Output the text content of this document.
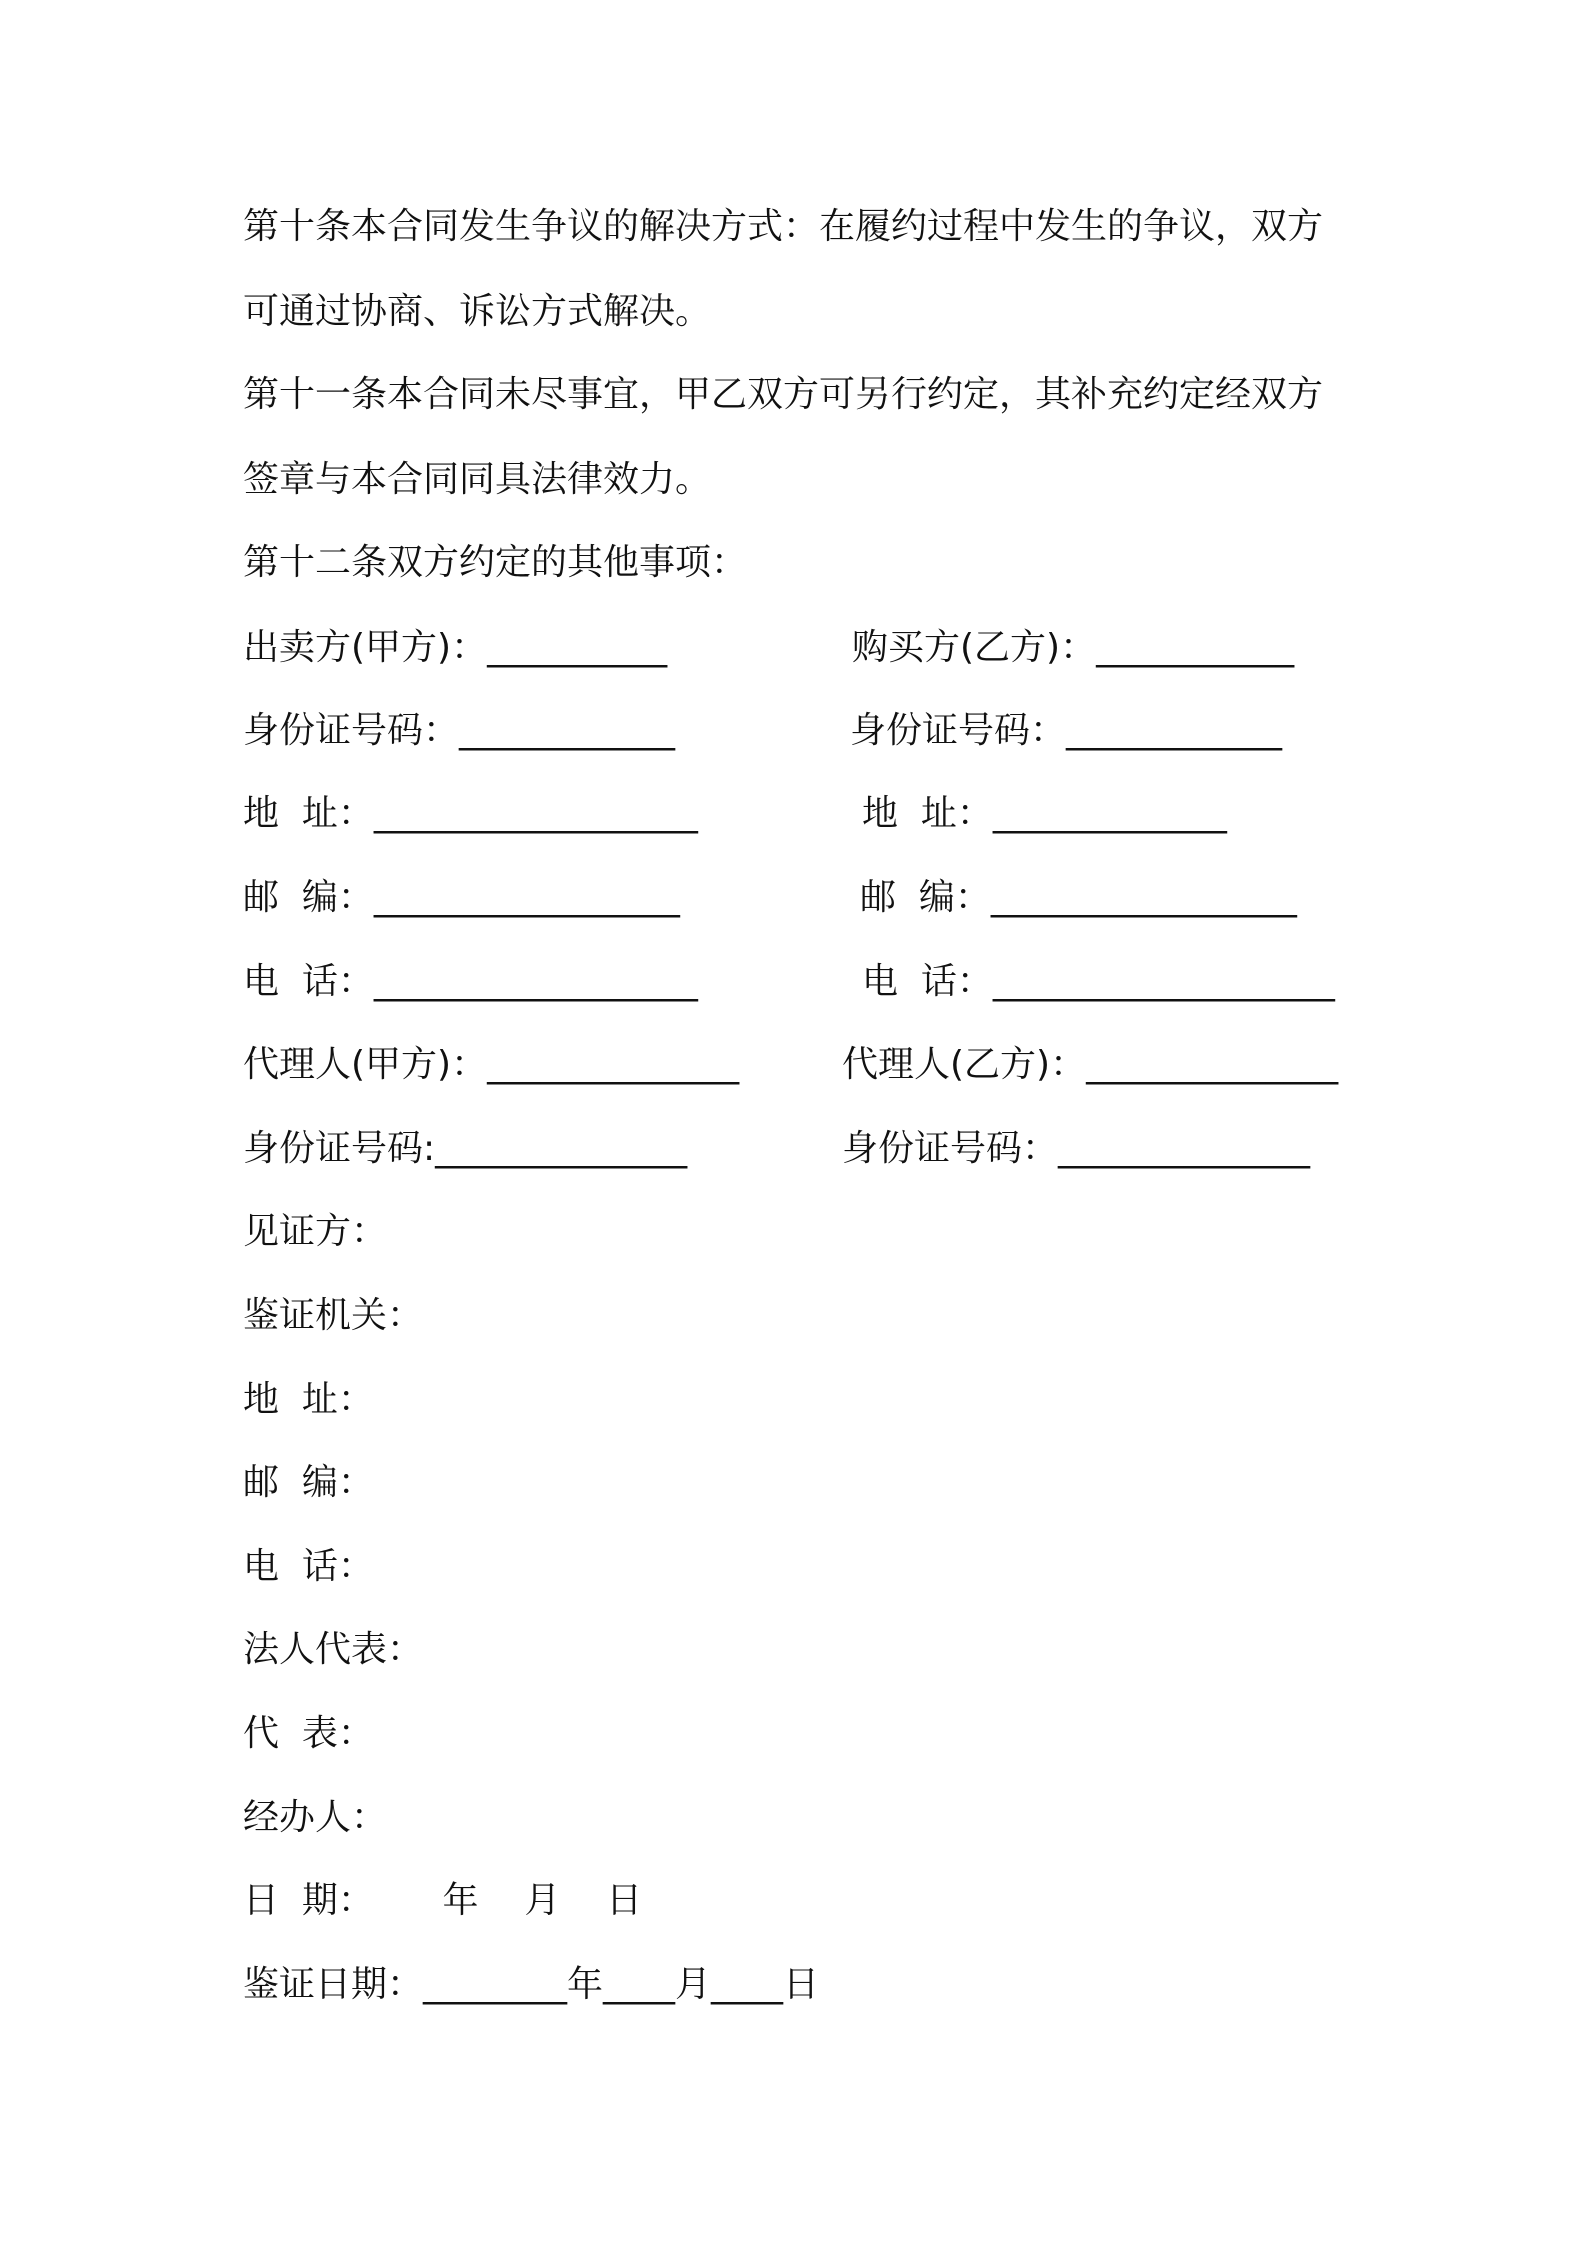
第十条本合同发生争议的解决方式：在履约过程中发生的争议，双方
可通过协商、诉讼方式解决。
第十一条本合同未尽事宜，甲乙双方可另行约定，其补充约定经双方
签章与本合同同具法律效力。
第十二条双方约定的其他事项：
出卖方(甲方)：__________	购买方(乙方)：___________
身份证号码：____________	身份证号码：____________
地  址：__________________	地  址：_____________
邮  编：_________________	邮  编：_________________
电  话：__________________	电  话：___________________
代理人(甲方)：______________	代理人(乙方)：______________
身份证号码:______________	身份证号码：______________
见证方：
鉴证机关：
地  址：
邮  编：
电  话：
法人代表：
代  表：
经办人：
日  期：      年    月    日
鉴证日期：________年____月____日
